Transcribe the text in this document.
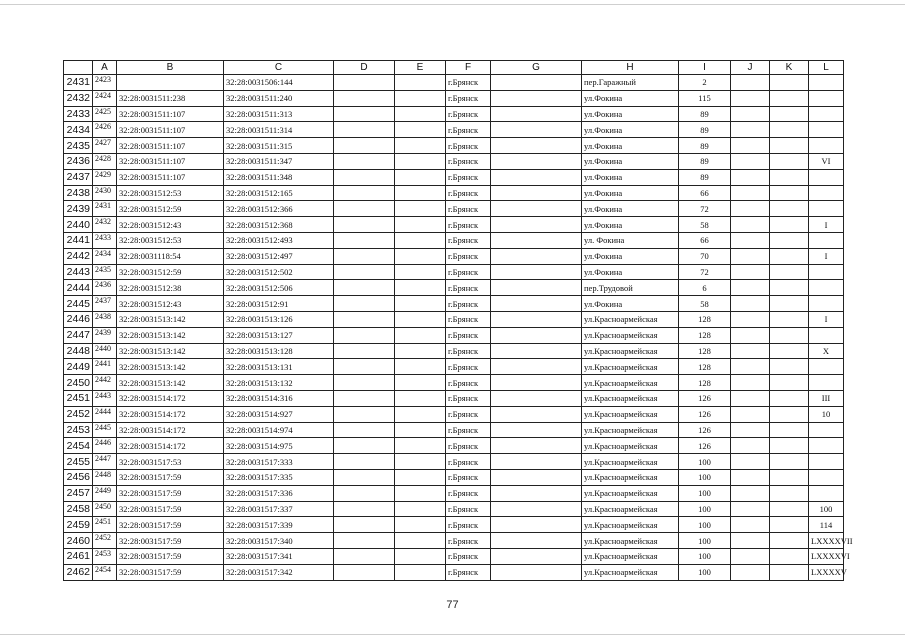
	A	B	C	D	E	F	G	H	I	J	K	L
2431	2423		32:28:0031506:144			г.Брянск		пер.Гаражный	2			
2432	2424	32:28:0031511:238	32:28:0031511:240			г.Брянск		ул.Фокина	115			
2433	2425	32:28:0031511:107	32:28:0031511:313			г.Брянск		ул.Фокина	89			
2434	2426	32:28:0031511:107	32:28:0031511:314			г.Брянск		ул.Фокина	89			
2435	2427	32:28:0031511:107	32:28:0031511:315			г.Брянск		ул.Фокина	89			
2436	2428	32:28:0031511:107	32:28:0031511:347			г.Брянск		ул.Фокина	89			VI
2437	2429	32:28:0031511:107	32:28:0031511:348			г.Брянск		ул.Фокина	89			
2438	2430	32:28:0031512:53	32:28:0031512:165			г.Брянск		ул.Фокина	66			
2439	2431	32:28:0031512:59	32:28:0031512:366			г.Брянск		ул.Фокина	72			
2440	2432	32:28:0031512:43	32:28:0031512:368			г.Брянск		ул.Фокина	58			I
2441	2433	32:28:0031512:53	32:28:0031512:493			г.Брянск		ул. Фокина	66			
2442	2434	32:28:0031118:54	32:28:0031512:497			г.Брянск		ул.Фокина	70			I
2443	2435	32:28:0031512:59	32:28:0031512:502			г.Брянск		ул.Фокина	72			
2444	2436	32:28:0031512:38	32:28:0031512:506			г.Брянск		пер.Трудовой	6			
2445	2437	32:28:0031512:43	32:28:0031512:91			г.Брянск		ул.Фокина	58			
2446	2438	32:28:0031513:142	32:28:0031513:126			г.Брянск		ул.Красноармейская	128			I
2447	2439	32:28:0031513:142	32:28:0031513:127			г.Брянск		ул.Красноармейская	128			
2448	2440	32:28:0031513:142	32:28:0031513:128			г.Брянск		ул.Красноармейская	128			X
2449	2441	32:28:0031513:142	32:28:0031513:131			г.Брянск		ул.Красноармейская	128			
2450	2442	32:28:0031513:142	32:28:0031513:132			г.Брянск		ул.Красноармейская	128			
2451	2443	32:28:0031514:172	32:28:0031514:316			г.Брянск		ул.Красноармейская	126			III
2452	2444	32:28:0031514:172	32:28:0031514:927			г.Брянск		ул.Красноармейская	126			10
2453	2445	32:28:0031514:172	32:28:0031514:974			г.Брянск		ул.Красноармейская	126			
2454	2446	32:28:0031514:172	32:28:0031514:975			г.Брянск		ул.Красноармейская	126			
2455	2447	32:28:0031517:53	32:28:0031517:333			г.Брянск		ул.Красноармейская	100			
2456	2448	32:28:0031517:59	32:28:0031517:335			г.Брянск		ул.Красноармейская	100			
2457	2449	32:28:0031517:59	32:28:0031517:336			г.Брянск		ул.Красноармейская	100			
2458	2450	32:28:0031517:59	32:28:0031517:337			г.Брянск		ул.Красноармейская	100			100
2459	2451	32:28:0031517:59	32:28:0031517:339			г.Брянск		ул.Красноармейская	100			114
2460	2452	32:28:0031517:59	32:28:0031517:340			г.Брянск		ул.Красноармейская	100			LXXXXVII
2461	2453	32:28:0031517:59	32:28:0031517:341			г.Брянск		ул.Красноармейская	100			LXXXXVI
2462	2454	32:28:0031517:59	32:28:0031517:342			г.Брянск		ул.Красноармейская	100			LXXXXV
77
